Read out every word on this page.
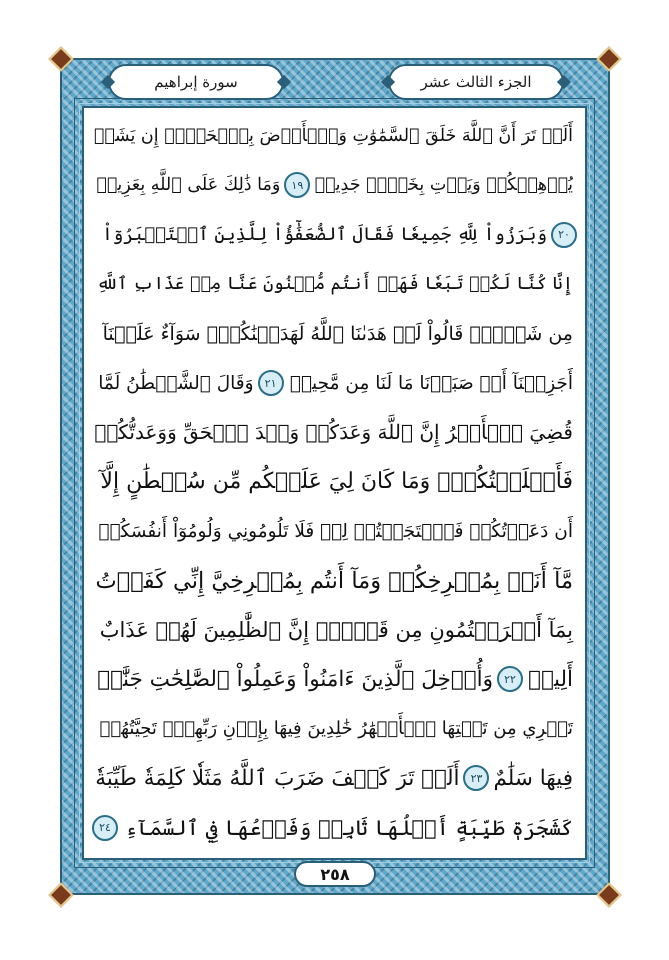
الجزء الثالث عشر
سورة إبراهيم
أَلَمۡ تَرَ أَنَّ ٱللَّهَ خَلَقَ ٱلسَّمَٰوَٰتِ وَٱلۡأَرۡضَ بِٱلۡحَقِّۚ إِن يَشَأۡ
يُذۡهِبۡكُمۡ وَيَأۡتِ بِخَلۡقٖ جَدِيدٖ
١٩
وَمَا ذَٰلِكَ عَلَى ٱللَّهِ بِعَزِيزٖ
٢٠
وَبَرَزُواْ لِلَّهِ جَمِيعٗا فَقَالَ ٱلضُّعَفَٰٓؤُاْ لِلَّذِينَ ٱسۡتَكۡبَرُوٓاْ
إِنَّا كُنَّا لَكُمۡ تَبَعٗا فَهَلۡ أَنتُم مُّغۡنُونَ عَنَّا مِنۡ عَذَابِ ٱللَّهِ
مِن شَيۡءٖۚ قَالُواْ لَوۡ هَدَىٰنَا ٱللَّهُ لَهَدَيۡنَٰكُمۡۖ سَوَآءٌ عَلَيۡنَآ
أَجَزِعۡنَآ أَمۡ صَبَرۡنَا مَا لَنَا مِن مَّحِيصٖ
٢١
وَقَالَ ٱلشَّيۡطَٰنُ لَمَّا
قُضِيَ ٱلۡأَمۡرُ إِنَّ ٱللَّهَ وَعَدَكُمۡ وَعۡدَ ٱلۡحَقِّ وَوَعَدتُّكُمۡ
فَأَخۡلَفۡتُكُمۡۖ وَمَا كَانَ لِيَ عَلَيۡكُم مِّن سُلۡطَٰنٍ إِلَّآ
أَن دَعَوۡتُكُمۡ فَٱسۡتَجَبۡتُمۡ لِيۖ فَلَا تَلُومُونِي وَلُومُوٓاْ أَنفُسَكُمۖ
مَّآ أَنَا۠ بِمُصۡرِخِكُمۡ وَمَآ أَنتُم بِمُصۡرِخِيَّ إِنِّي كَفَرۡتُ
بِمَآ أَشۡرَكۡتُمُونِ مِن قَبۡلُۗ إِنَّ ٱلظَّٰلِمِينَ لَهُمۡ عَذَابٌ
أَلِيمٞ
٢٢
وَأُدۡخِلَ ٱلَّذِينَ ءَامَنُواْ وَعَمِلُواْ ٱلصَّٰلِحَٰتِ جَنَّٰتٖ
تَجۡرِي مِن تَحۡتِهَا ٱلۡأَنۡهَٰرُ خَٰلِدِينَ فِيهَا بِإِذۡنِ رَبِّهِمۡۖ تَحِيَّتُهُمۡ
فِيهَا سَلَٰمٌ
٢٣
أَلَمۡ تَرَ كَيۡفَ ضَرَبَ ٱللَّهُ مَثَلٗا كَلِمَةٗ طَيِّبَةٗ
كَشَجَرَةٖ طَيِّبَةٍ أَصۡلُهَا ثَابِتٞ وَفَرۡعُهَا فِي ٱلسَّمَآءِ
٢٤
٢٥٨
